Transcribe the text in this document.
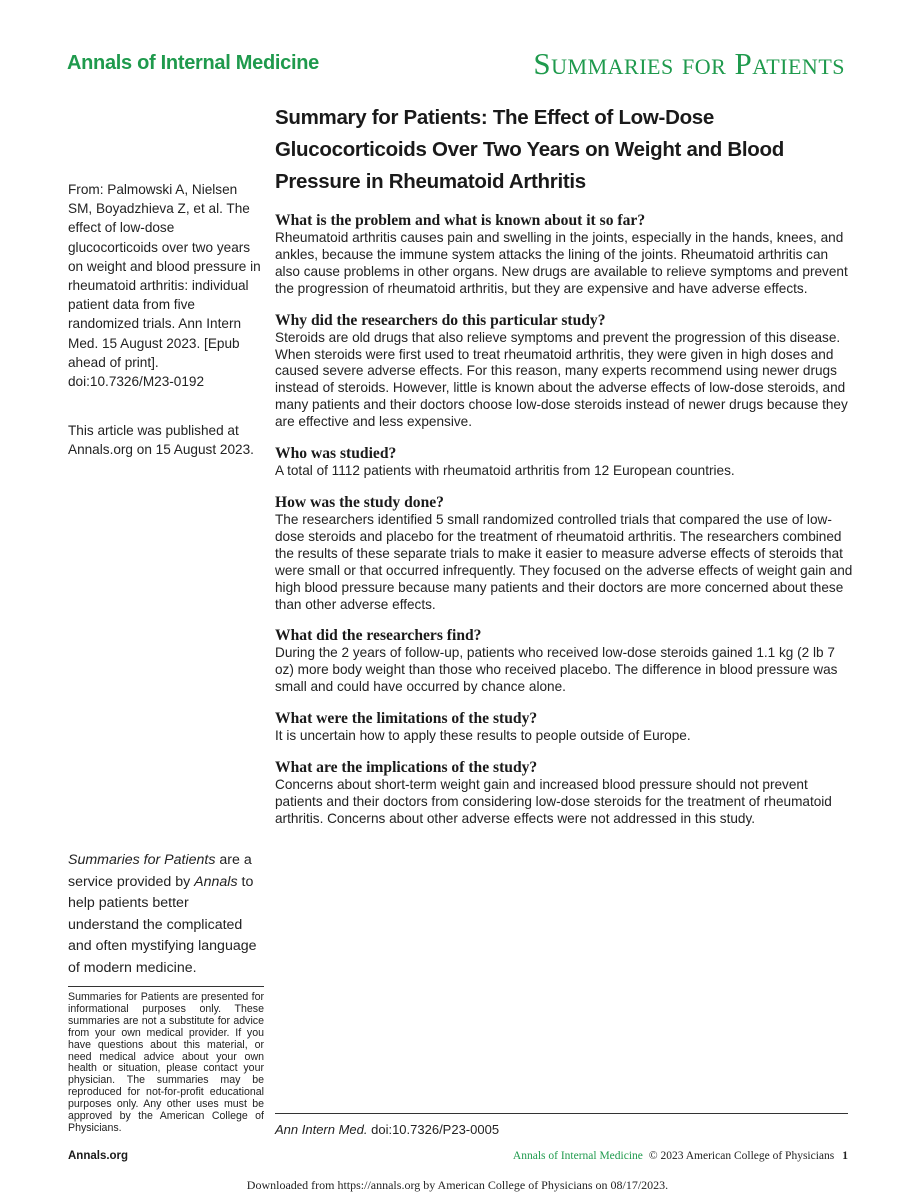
Annals of Internal Medicine	Summaries for Patients
Summary for Patients: The Effect of Low-Dose Glucocorticoids Over Two Years on Weight and Blood Pressure in Rheumatoid Arthritis

From: Palmowski A, Nielsen SM, Boyadzhieva Z, et al. The effect of low-dose glucocorticoids over two years on weight and blood pressure in rheumatoid arthritis: individual patient data from five randomized trials. Ann Intern Med. 15 August 2023. [Epub ahead of print]. doi:10.7326/M23-0192

This article was published at Annals.org on 15 August 2023.

Summaries for Patients are a service provided by Annals to help patients better understand the complicated and often mystifying language of modern medicine.

Summaries for Patients are presented for informational purposes only. These summaries are not a substitute for advice from your own medical provider. If you have questions about this material, or need medical advice about your own health or situation, please contact your physician. The summaries may be reproduced for not-for-profit educational purposes only. Any other uses must be approved by the American College of Physicians.

What is the problem and what is known about it so far?

Rheumatoid arthritis causes pain and swelling in the joints, especially in the hands, knees, and ankles, because the immune system attacks the lining of the joints. Rheumatoid arthritis can also cause problems in other organs. New drugs are available to relieve symptoms and prevent the progression of rheumatoid arthritis, but they are expensive and have adverse effects.

Why did the researchers do this particular study?

Steroids are old drugs that also relieve symptoms and prevent the progression of this disease. When steroids were first used to treat rheumatoid arthritis, they were given in high doses and caused severe adverse effects. For this reason, many experts recommend using newer drugs instead of steroids. However, little is known about the adverse effects of low-dose steroids, and many patients and their doctors choose low-dose steroids instead of newer drugs because they are effective and less expensive.

Who was studied?

A total of 1112 patients with rheumatoid arthritis from 12 European countries.

How was the study done?

The researchers identified 5 small randomized controlled trials that compared the use of low-dose steroids and placebo for the treatment of rheumatoid arthritis. The researchers combined the results of these separate trials to make it easier to measure adverse effects of steroids that were small or that occurred infrequently. They focused on the adverse effects of weight gain and high blood pressure because many patients and their doctors are more concerned about these than other adverse effects.

What did the researchers find?

During the 2 years of follow-up, patients who received low-dose steroids gained 1.1 kg (2 lb 7 oz) more body weight than those who received placebo. The difference in blood pressure was small and could have occurred by chance alone.

What were the limitations of the study?

It is uncertain how to apply these results to people outside of Europe.

What are the implications of the study?

Concerns about short-term weight gain and increased blood pressure should not prevent patients and their doctors from considering low-dose steroids for the treatment of rheumatoid arthritis. Concerns about other adverse effects were not addressed in this study.

Ann Intern Med. doi:10.7326/P23-0005

Annals.org	Annals of Internal Medicine © 2023 American College of Physicians 1

Downloaded from https://annals.org by American College of Physicians on 08/17/2023.
